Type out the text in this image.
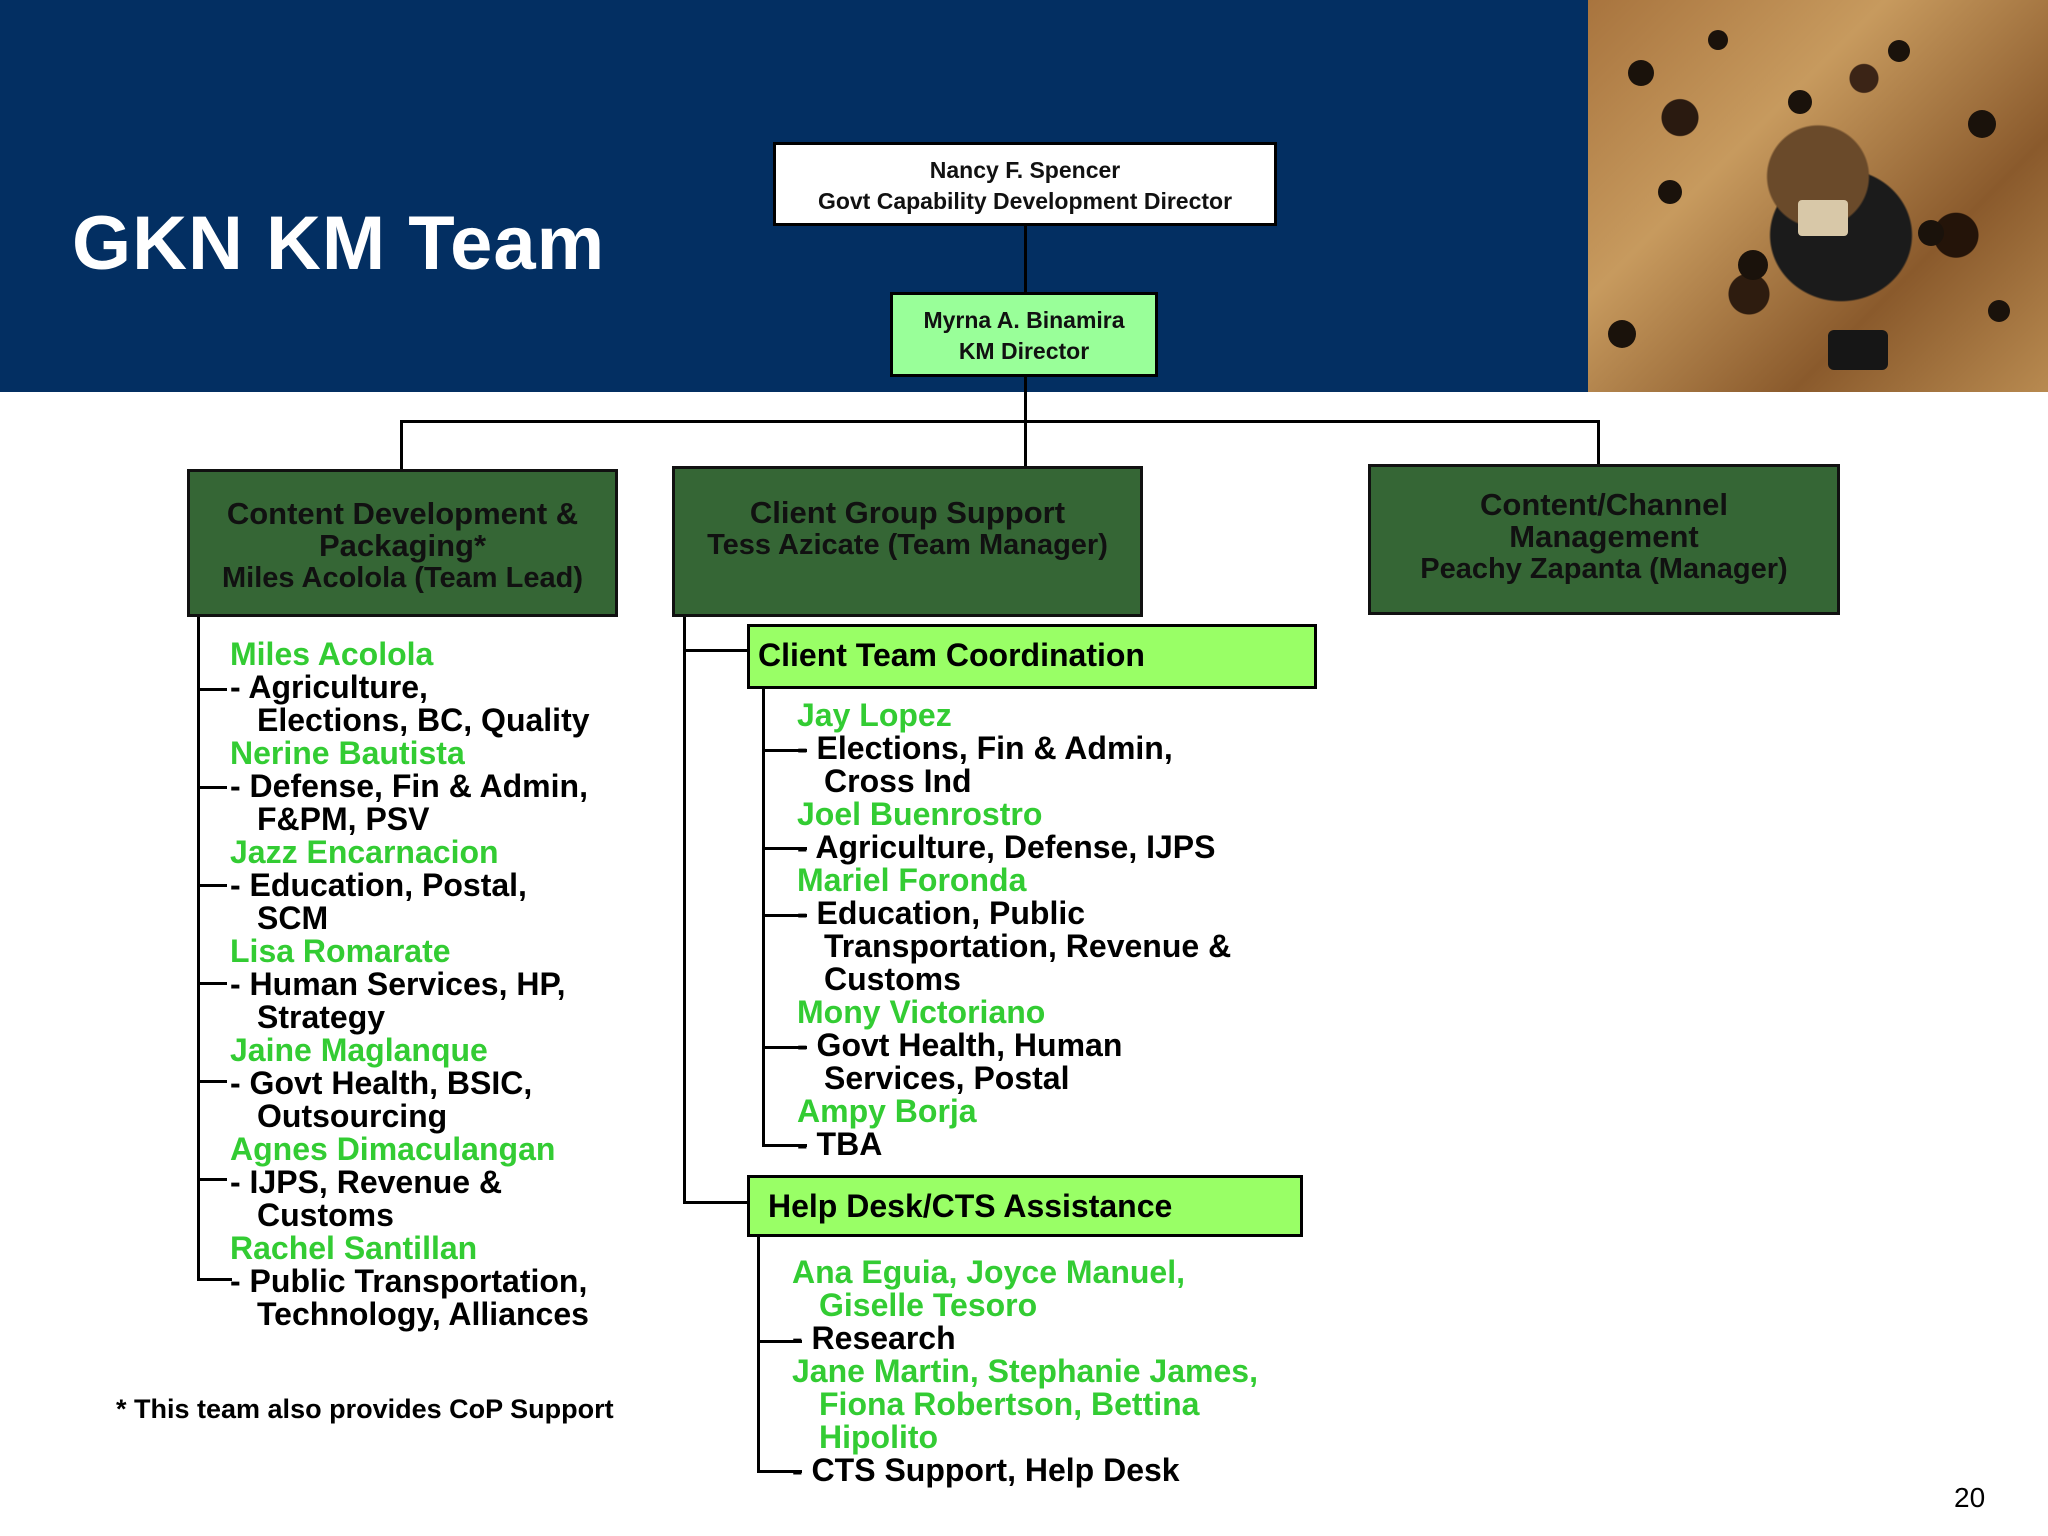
GKN KM Team
Nancy F. Spencer
Govt Capability Development Director
Myrna A. Binamira
KM Director
Content Development &
Packaging*
Miles Acolola (Team Lead)
Client Group Support
Tess Azicate (Team Manager)
Content/Channel
Management
Peachy Zapanta (Manager)
Miles Acolola
- Agriculture,
Elections, BC, Quality
Nerine Bautista
- Defense, Fin & Admin,
F&PM, PSV
Jazz Encarnacion
- Education, Postal,
SCM
Lisa Romarate
- Human Services, HP,
Strategy
Jaine Maglanque
- Govt Health, BSIC,
Outsourcing
Agnes Dimaculangan
- IJPS, Revenue &
Customs
Rachel Santillan
- Public Transportation,
Technology, Alliances
Client Team Coordination
Jay Lopez
- Elections, Fin & Admin,
Cross Ind
Joel Buenrostro
- Agriculture, Defense, IJPS
Mariel Foronda
- Education, Public
Transportation, Revenue &
Customs
Mony Victoriano
- Govt Health, Human
Services, Postal
Ampy Borja
- TBA
Help Desk/CTS Assistance
Ana Eguia, Joyce Manuel,
Giselle Tesoro
- Research
Jane Martin, Stephanie James,
Fiona Robertson, Bettina
Hipolito
- CTS Support, Help Desk
* This team also provides CoP Support
20
